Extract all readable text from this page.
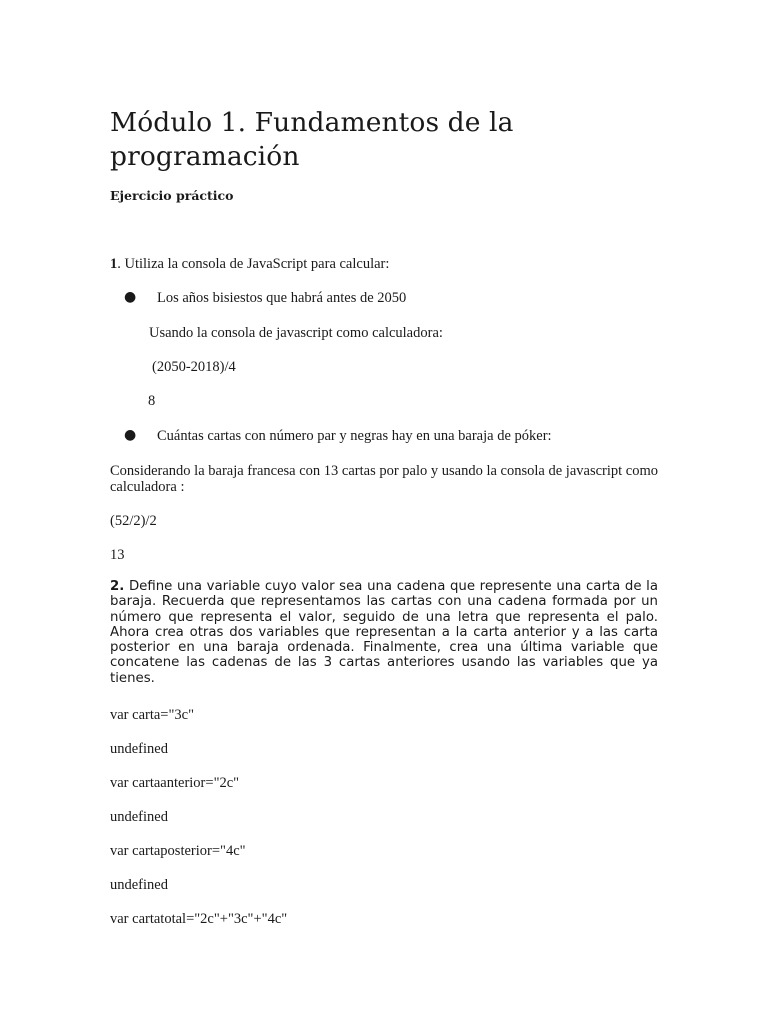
Módulo 1. Fundamentos de la programación
Ejercicio práctico
1. Utiliza la consola de JavaScript para calcular:
● Los años bisiestos que habrá antes de 2050
Usando la consola de javascript como calculadora:
(2050-2018)/4
8
● Cuántas cartas con número par y negras hay en una baraja de póker:
Considerando la baraja francesa con 13 cartas por palo y usando la consola de javascript como calculadora :
(52/2)/2
13
2. Define una variable cuyo valor sea una cadena que represente una carta de la baraja. Recuerda que representamos las cartas con una cadena formada por un número que representa el valor, seguido de una letra que representa el palo. Ahora crea otras dos variables que representan a la carta anterior y a las carta posterior en una baraja ordenada. Finalmente, crea una última variable que concatene las cadenas de las 3 cartas anteriores usando las variables que ya tienes.
var carta="3c"
undefined
var cartaanterior="2c"
undefined
var cartaposterior="4c"
undefined
var cartatotal="2c"+"3c"+"4c"
